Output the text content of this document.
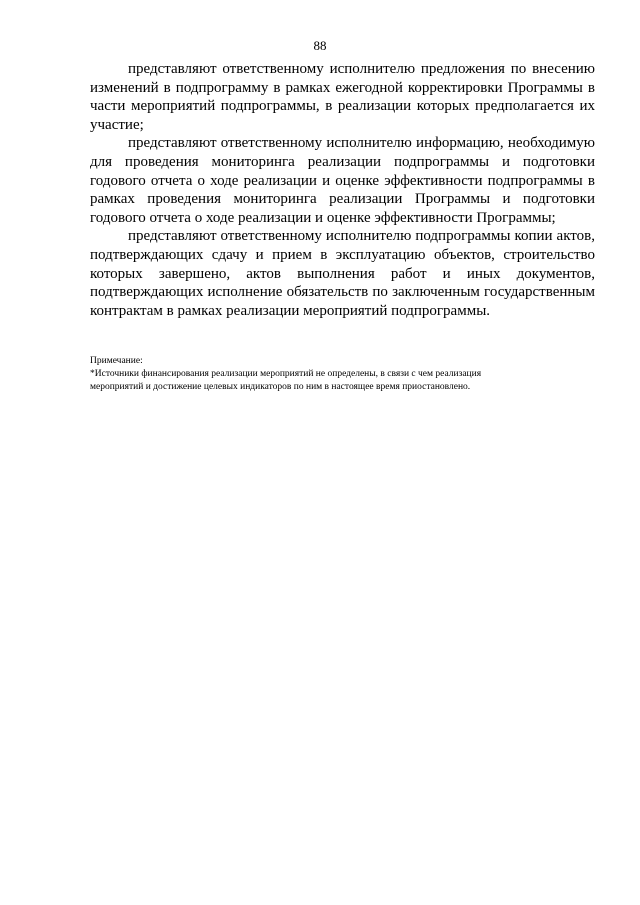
88

представляют ответственному исполнителю предложения по внесению изменений в подпрограмму в рамках ежегодной корректировки Программы в части мероприятий подпрограммы, в реализации которых предполагается их участие;

представляют ответственному исполнителю информацию, необходимую для проведения мониторинга реализации подпрограммы и подготовки годового отчета о ходе реализации и оценке эффективности подпрограммы в рамках проведения мониторинга реализации Программы и подготовки годового отчета о ходе реализации и оценке эффективности Программы;

представляют ответственному исполнителю подпрограммы копии актов, подтверждающих сдачу и прием в эксплуатацию объектов, строительство которых завершено, актов выполнения работ и иных документов, подтверждающих исполнение обязательств по заключенным государственным контрактам в рамках реализации мероприятий подпрограммы.

Примечание:
*Источники финансирования реализации мероприятий не определены, в связи с чем реализация
мероприятий и достижение целевых индикаторов по ним в настоящее время приостановлено.
